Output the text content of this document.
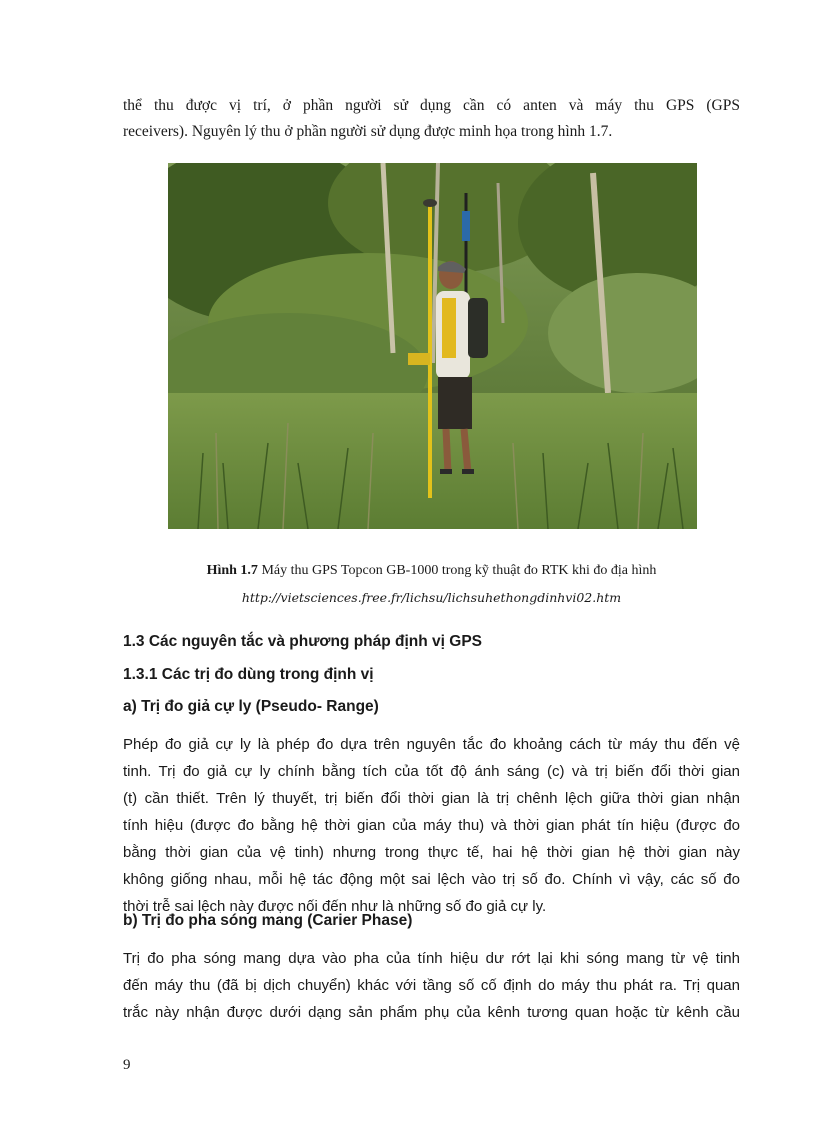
thể thu được vị trí, ở phần người sử dụng cần có anten và máy thu GPS (GPS
receivers). Nguyên lý thu ở phần người sử dụng được minh họa trong hình 1.7.
Hình 1.7 Máy thu GPS Topcon GB-1000 trong kỹ thuật đo RTK khi đo địa hình
http://vietsciences.free.fr/lichsu/lichsuhethongdinhvi02.htm
1.3 Các nguyên tắc và phương pháp định vị GPS
1.3.1 Các trị đo dùng trong định vị
a) Trị đo giả cự ly (Pseudo- Range)
Phép đo giả cự ly là phép đo dựa trên nguyên tắc đo khoảng cách từ máy thu đến vệ
tinh. Trị đo giả cự ly chính bằng tích của tốt độ ánh sáng (c) và trị biến đổi thời gian
(t) cần thiết. Trên lý thuyết, trị biến đổi thời gian là trị chênh lệch giữa thời gian nhận
tính hiệu (được đo bằng hệ thời gian của máy thu) và thời gian phát tín hiệu (được đo
bằng thời gian của vệ tinh) nhưng trong thực tế, hai hệ thời gian hệ thời gian này
không giống nhau, mỗi hệ tác động một sai lệch vào trị số đo. Chính vì vậy, các số đo
thời trễ sai lệch này được nối đến như là những số đo giả cự ly.
b) Trị đo pha sóng mang (Carier Phase)
Trị đo pha sóng mang dựa vào pha của tính hiệu dư rớt lại khi sóng mang từ vệ tinh
đến máy thu (đã bị dịch chuyển) khác với tầng số cố định do máy thu phát ra. Trị quan
trắc này nhận được dưới dạng sản phẩm phụ của kênh tương quan hoặc từ kênh cầu
9
